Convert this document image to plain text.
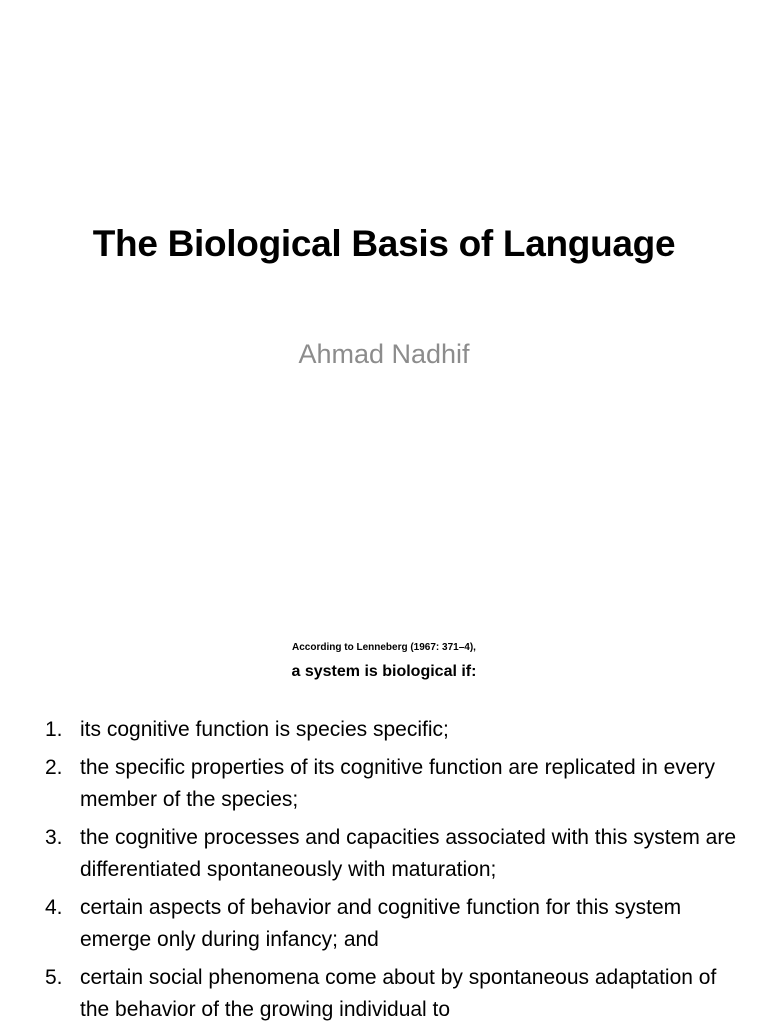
The Biological Basis of Language
Ahmad Nadhif
According to Lenneberg (1967: 371–4),
a system is biological if:
1. its cognitive function is species specific;
2. the specific properties of its cognitive function are replicated in every member of the species;
3. the cognitive processes and capacities associated with this system are differentiated spontaneously with maturation;
4. certain aspects of behavior and cognitive function for this system emerge only during infancy; and
5. certain social phenomena come about by spontaneous adaptation of the behavior of the growing individual to
